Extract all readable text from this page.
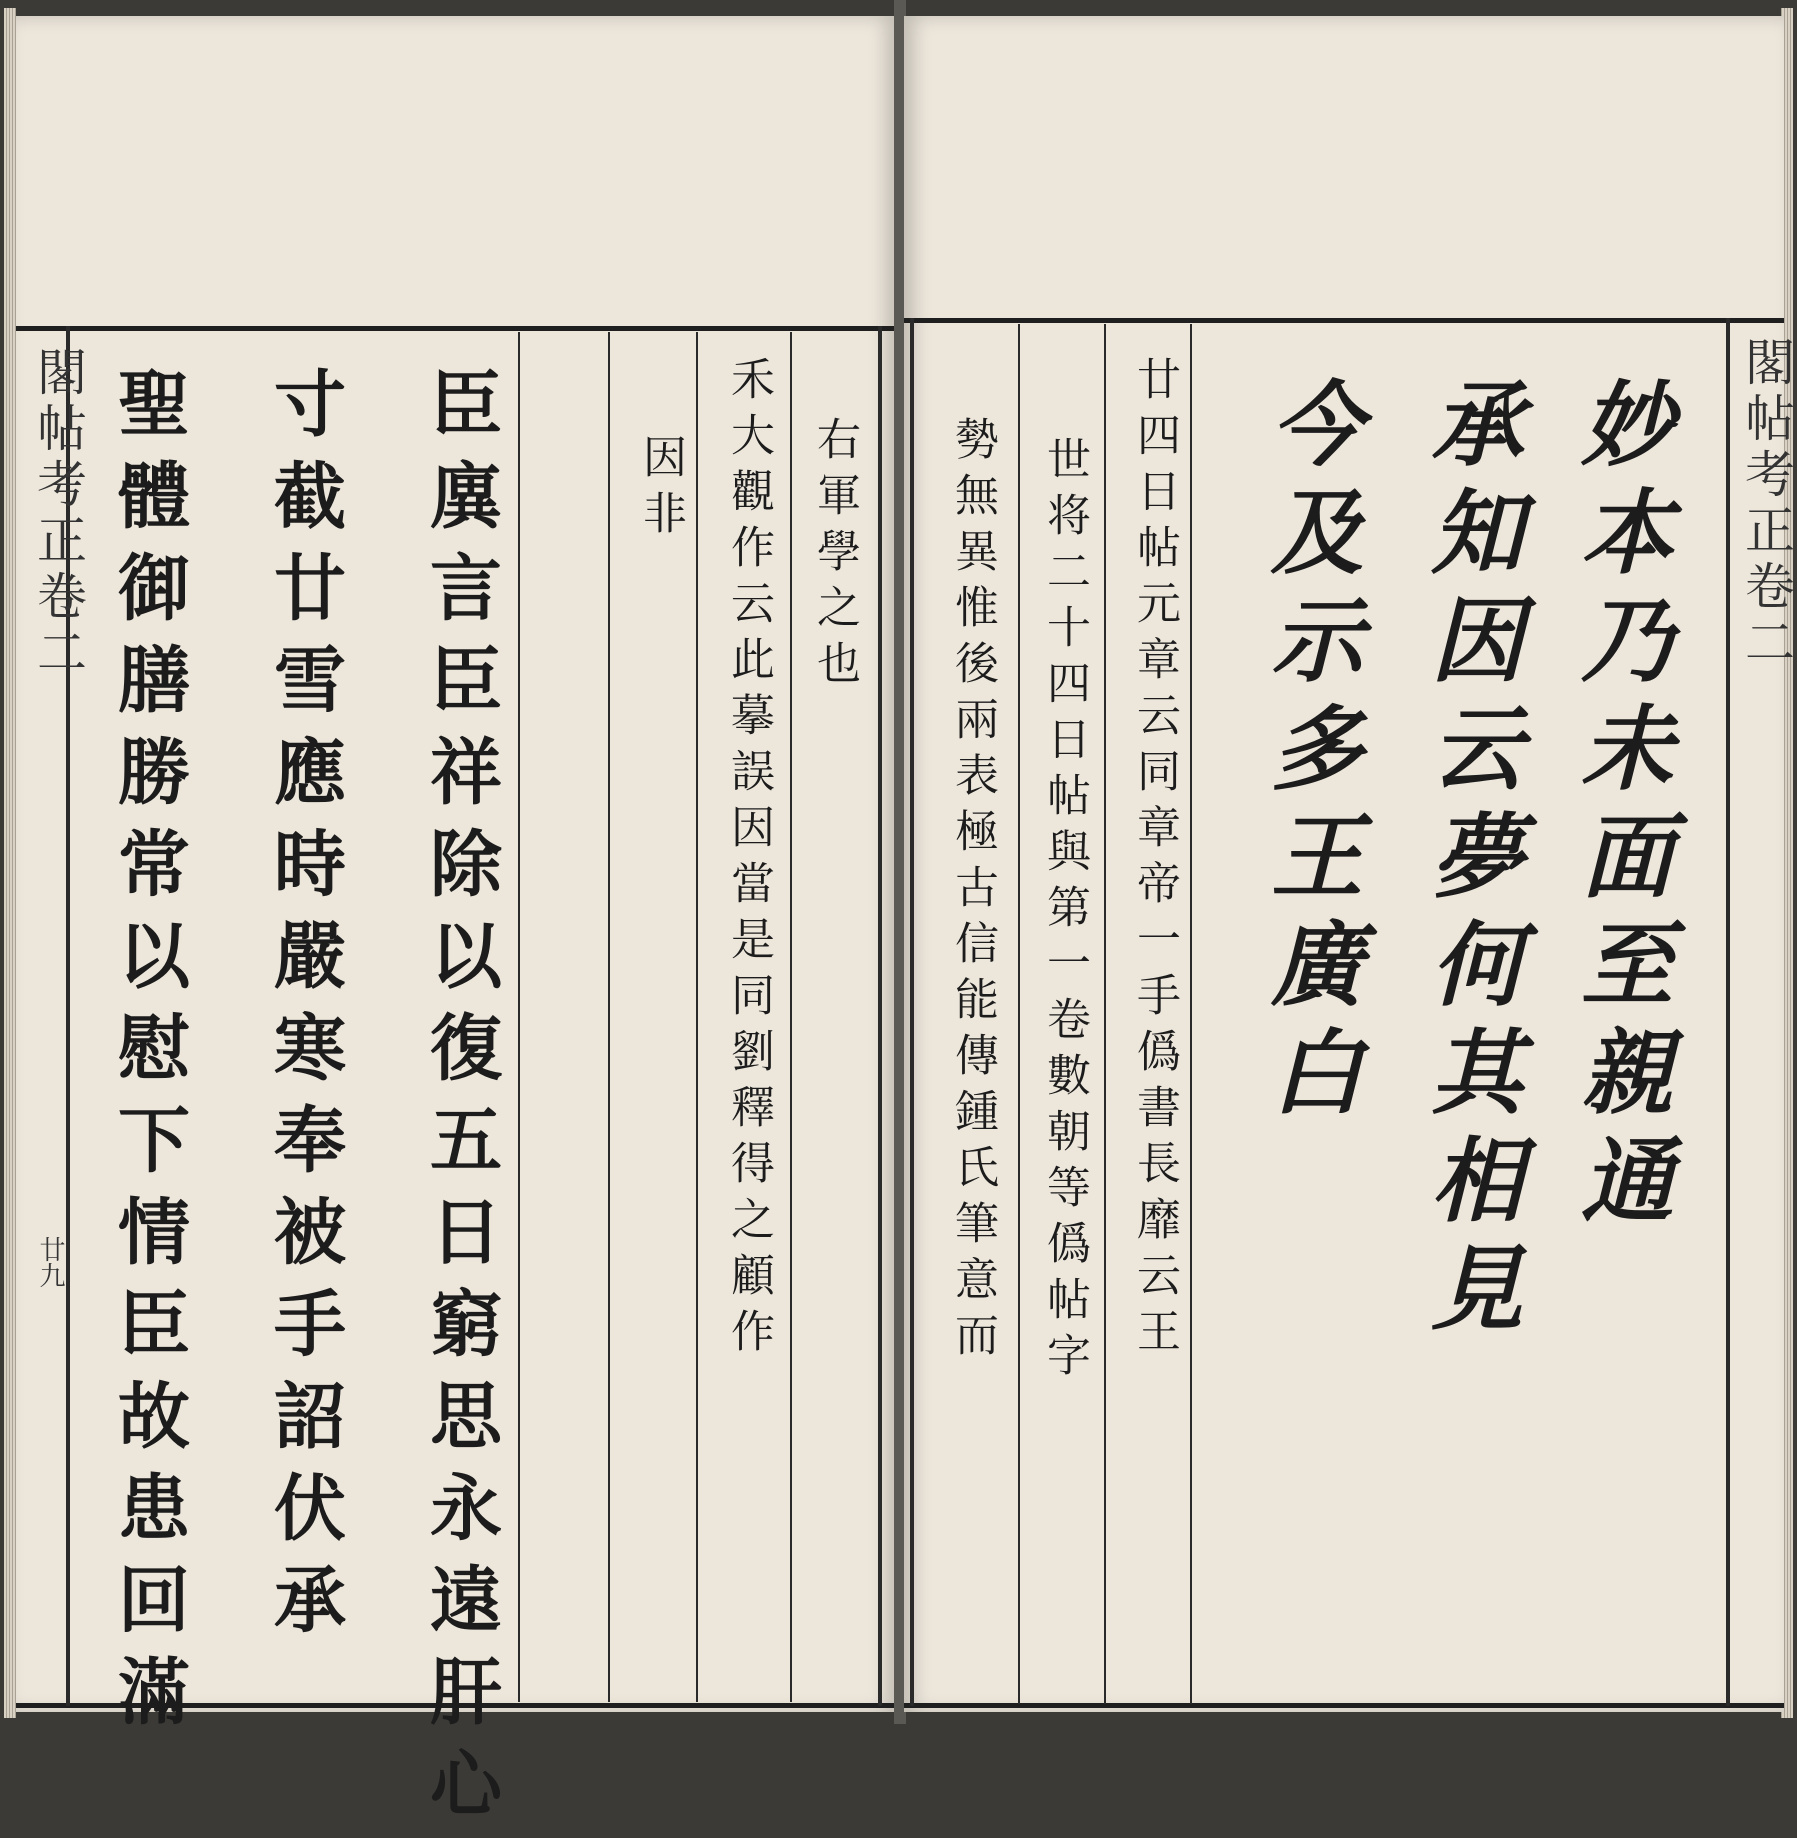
閣帖考正卷二
廿九
右軍學之也
禾大觀作云此摹誤因當是同劉釋得之顧作
因非
臣廙言臣祥除以復五日窮思永遠肝心
寸截廿雪應時嚴寒奉被手詔伏承
聖體御膳勝常以慰下情臣故患回滿	閣帖考正卷二
妙本乃未面至親通
承知因云夢何其相見
今及示多王廣白
廿四日帖元章云同章帝一手僞書長靡云王
世将二十四日帖與第一卷數朝等僞帖字
勢無異惟後兩表極古信能傳鍾氏筆意而
